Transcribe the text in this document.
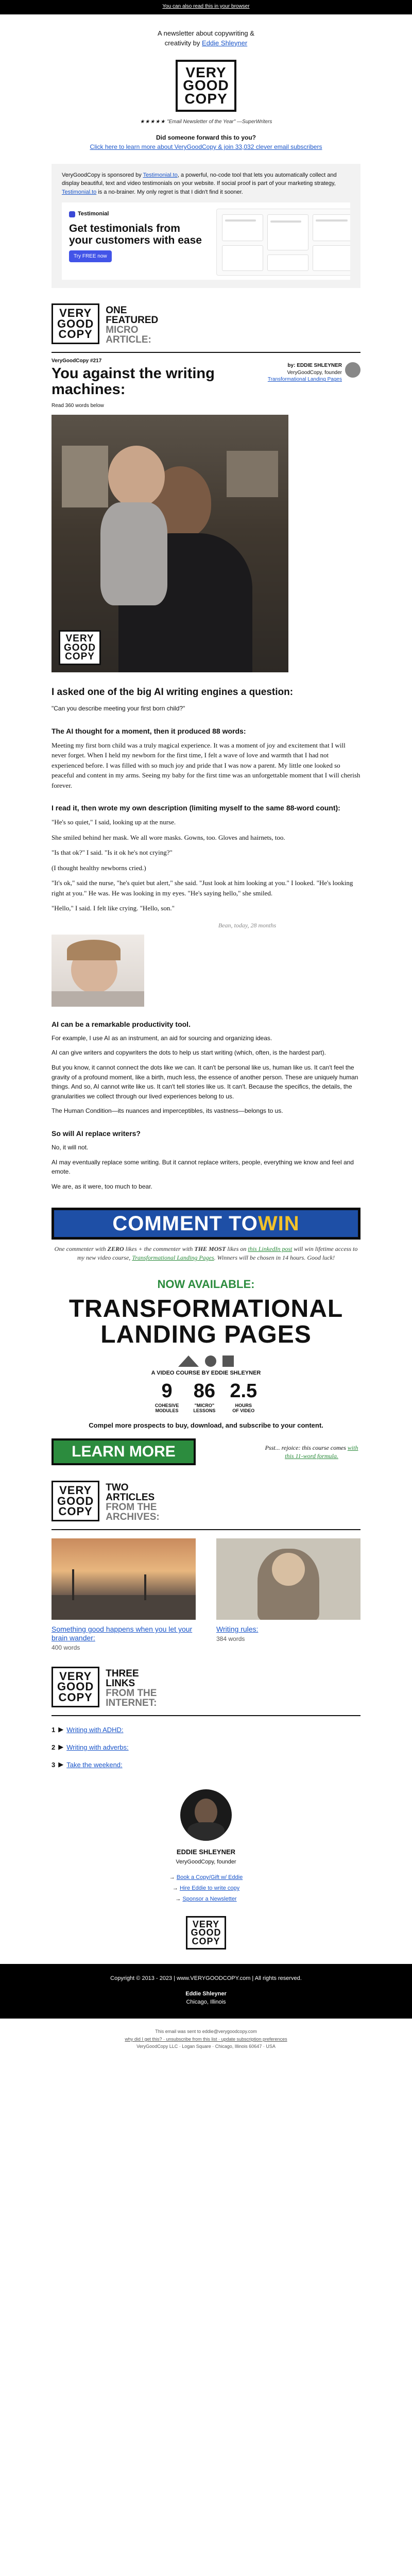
You can also read this in your browser
A newsletter about copywriting &
creativity by Eddie Shleyner
VERY
GOOD
COPY
★★★★★ "Email Newsletter of the Year" —SuperWriters
Did someone forward this to you?
Click here to learn more about VeryGoodCopy & join 33,032 clever email subscribers

VeryGoodCopy is sponsored by Testimonial.to, a powerful, no-code tool that lets you automatically collect and display beautiful, text and video testimonials on your website. If social proof is part of your marketing strategy, Testimonial.to is a no-brainer. My only regret is that I didn't find it sooner.

Testimonial
Get testimonials from your customers with ease
Try FREE now
VERY
GOOD
COPY
ONE
FEATURED
MICRO
ARTICLE:
VeryGoodCopy #217
You against the writing machines:
by: EDDIE SHLEYNER
VeryGoodCopy, founder
Transformational Landing Pages
Read 360 words below
VERY
GOOD
COPY
I asked one of the big AI writing engines a question:
"Can you describe meeting your first born child?"
The AI thought for a moment, then it produced 88 words:
Meeting my first born child was a truly magical experience. It was a moment of joy and excitement that I will never forget. When I held my newborn for the first time, I felt a wave of love and warmth that I had not experienced before. I was filled with so much joy and pride that I was now a parent. My little one looked so peaceful and content in my arms. Seeing my baby for the first time was an unforgettable moment that I will cherish forever.
I read it, then wrote my own description (limiting myself to the same 88-word count):

"He's so quiet," I said, looking up at the nurse.

She smiled behind her mask. We all wore masks. Gowns, too. Gloves and hairnets, too.

"Is that ok?" I said. "Is it ok he's not crying?"

(I thought healthy newborns cried.)

"It's ok," said the nurse, "he's quiet but alert," she said. "Just look at him looking at you." I looked. "He's looking right at you." He was. He was looking in my eyes. "He's saying hello," she smiled.

"Hello," I said. I felt like crying. "Hello, son."

Bean, today, 28 months
AI can be a remarkable productivity tool.

For example, I use AI as an instrument, an aid for sourcing and organizing ideas.

AI can give writers and copywriters the dots to help us start writing (which, often, is the hardest part).

But you know, it cannot connect the dots like we can. It can't be personal like us, human like us. It can't feel the gravity of a profound moment, like a birth, much less, the essence of another person. These are uniquely human things. And so, AI cannot write like us. It can't tell stories like us. It can't. Because the specifics, the details, the granularities we collect through our lived experiences belong to us.

The Human Condition—its nuances and imperceptibles, its vastness—belongs to us.

So will AI replace writers?

No, it will not.

AI may eventually replace some writing. But it cannot replace writers, people, everything we know and feel and emote.

We are, as it were, too much to bear.

COMMENT TO WIN
One commenter with ZERO likes + the commenter with THE MOST likes on this LinkedIn post will win lifetime access to my new video course, Transformational Landing Pages. Winners will be chosen in 14 hours. Good luck!
NOW AVAILABLE:
TRANSFORMATIONAL
LANDING PAGES
A VIDEO COURSE BY EDDIE SHLEYNER
9
COHESIVE
MODULES
86
"MICRO"
LESSONS
2.5
HOURS
OF VIDEO
Compel more prospects to buy, download, and subscribe to your content.
LEARN MORE	Psst... rejoice: this course comes with this 11-word formula.
VERY
GOOD
COPY
TWO
ARTICLES
FROM THE
ARCHIVES:
Something good happens when you let your brain wander:
400 words
Writing rules:
384 words
VERY
GOOD
COPY
THREE
LINKS
FROM THE
INTERNET:
1 ▶ Writing with ADHD:
2 ▶ Writing with adverbs:
3 ▶ Take the weekend:
EDDIE SHLEYNER
VeryGoodCopy, founder
→ Book a Copy/Gift w/ Eddie
→ Hire Eddie to write copy
→ Sponsor a Newsletter
VERY
GOOD
COPY
Copyright © 2013 - 2023 | www.VERYGOODCOPY.com | All rights reserved.
Eddie Shleyner
Chicago, Illinois
This email was sent to eddie@verygoodcopy.com
why did I get this? · unsubscribe from this list · update subscription preferences
VeryGoodCopy LLC · Logan Square · Chicago, Illinois 60647 · USA
